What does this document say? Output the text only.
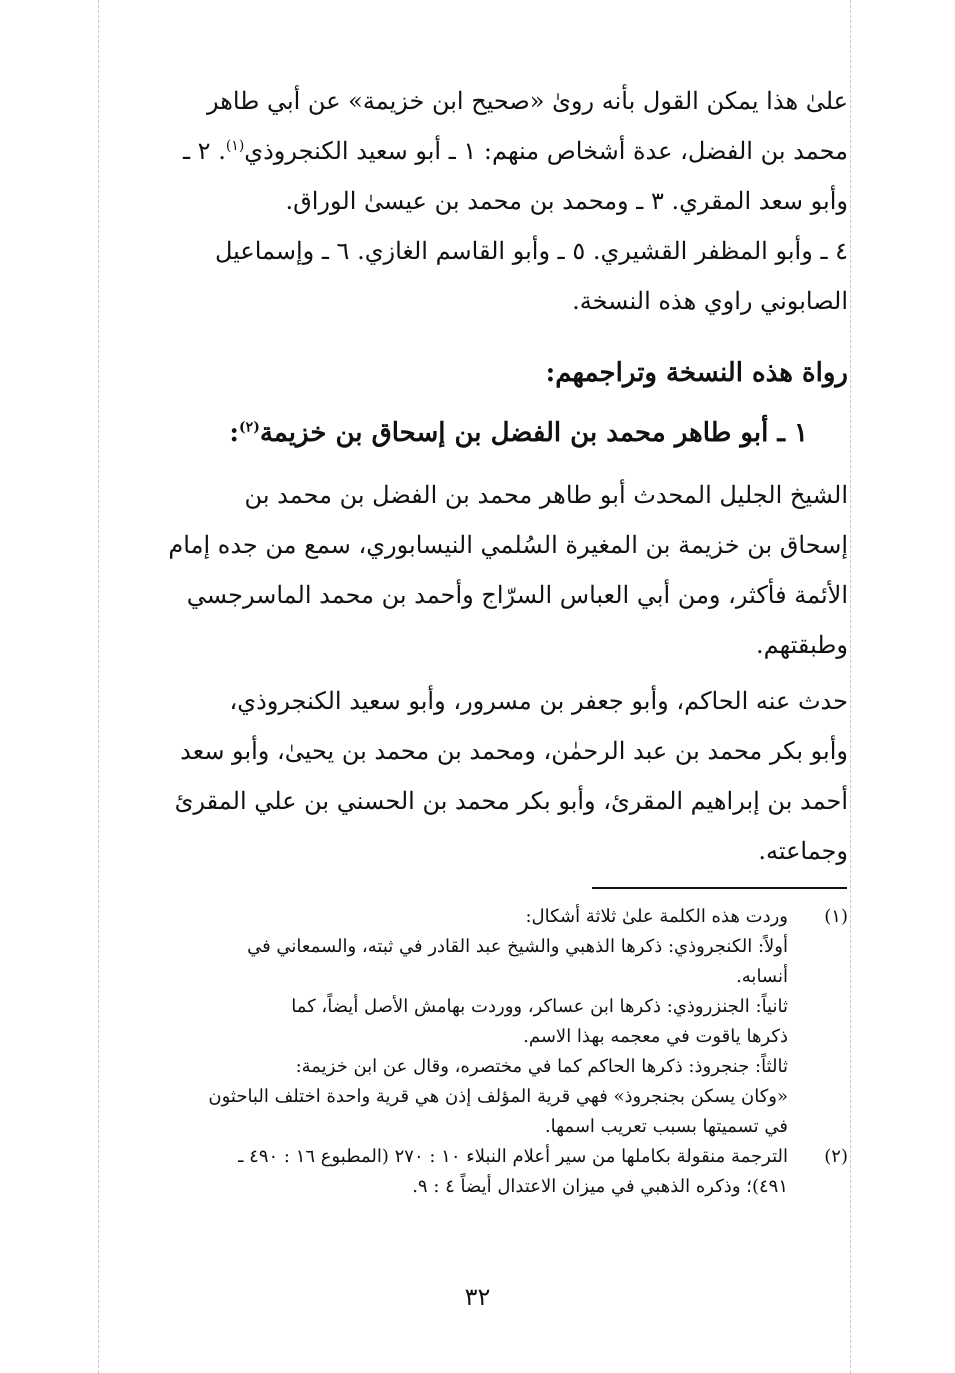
علىٰ هذا يمكن القول بأنه روىٰ «صحيح ابن خزيمة» عن أبي طاهر
محمد بن الفضل، عدة أشخاص منهم: ١ ـ أبو سعيد الكنجروذي$^{(١)}$. ٢ ـ
وأبو سعد المقري. ٣ ـ ومحمد بن محمد بن عيسىٰ الوراق.
٤ ـ وأبو المظفر القشيري. ٥ ـ وأبو القاسم الغازي. ٦ ـ وإسماعيل
الصابوني راوي هذه النسخة.
رواة هذه النسخة وتراجمهم:
١ ـ أبو طاهر محمد بن الفضل بن إسحاق بن خزيمة$^{(٢)}$:
الشيخ الجليل المحدث أبو طاهر محمد بن الفضل بن محمد بن
إسحاق بن خزيمة بن المغيرة السُلمي النيسابوري، سمع من جده إمام
الأئمة فأكثر، ومن أبي العباس السرّاج وأحمد بن محمد الماسرجسي
وطبقتهم.
حدث عنه الحاكم، وأبو جعفر بن مسرور، وأبو سعيد الكنجروذي،
وأبو بكر محمد بن عبد الرحمٰن، ومحمد بن محمد بن يحيىٰ، وأبو سعد
أحمد بن إبراهيم المقرئ، وأبو بكر محمد بن الحسني بن علي المقرئ
وجماعته.
(١)
وردت هذه الكلمة علىٰ ثلاثة أشكال:
أولاً: الكنجروذي: ذكرها الذهبي والشيخ عبد القادر في ثبته، والسمعاني في
أنسابه.
ثانياً: الجنزروذي: ذكرها ابن عساكر، ووردت بهامش الأصل أيضاً، كما
ذكرها ياقوت في معجمه بهذا الاسم.
ثالثاً: جنجروذ: ذكرها الحاكم كما في مختصره، وقال عن ابن خزيمة:
«وكان يسكن بجنجروذ» فهي قرية المؤلف إذن هي قرية واحدة اختلف الباحثون
في تسميتها بسبب تعريب اسمها.
(٢)
الترجمة منقولة بكاملها من سير أعلام النبلاء ١٠ : ٢٧٠ (المطبوع ١٦ : ٤٩٠ ـ
٤٩١)؛ وذكره الذهبي في ميزان الاعتدال أيضاً ٤ : ٩.
٣٢
